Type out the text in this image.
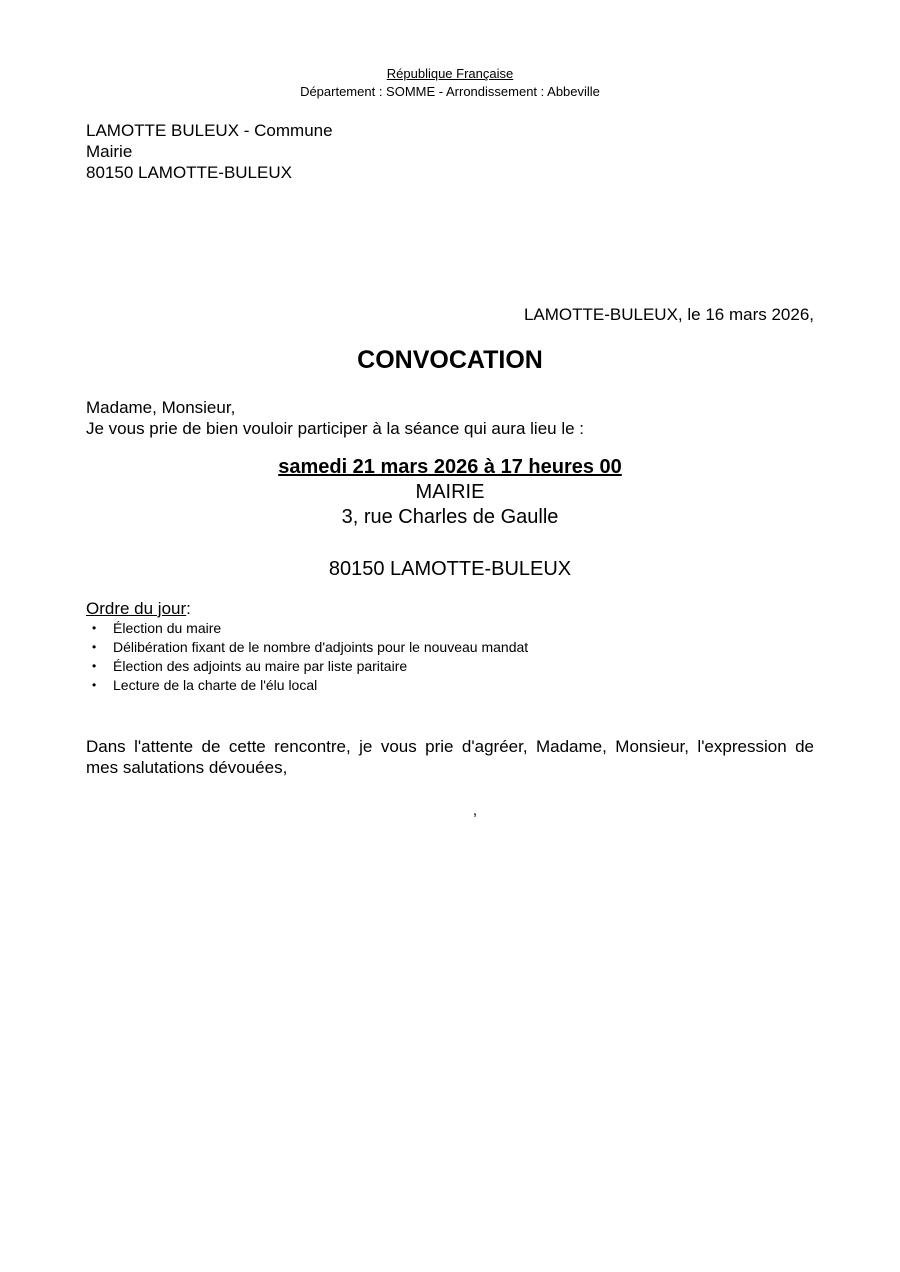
République Française
Département : SOMME - Arrondissement : Abbeville
LAMOTTE BULEUX - Commune
Mairie
80150 LAMOTTE-BULEUX
LAMOTTE-BULEUX, le 16 mars 2026,
CONVOCATION
Madame, Monsieur,
Je vous prie de bien vouloir participer à la séance qui aura lieu le :
samedi 21 mars 2026 à 17 heures 00
MAIRIE
3, rue Charles de Gaulle
80150 LAMOTTE-BULEUX
Ordre du jour:
• Élection du maire
• Délibération fixant de le nombre d'adjoints pour le nouveau mandat
• Élection des adjoints au maire par liste paritaire
• Lecture de la charte de l'élu local
Dans l'attente de cette rencontre, je vous prie d'agréer, Madame, Monsieur, l'expression de
mes salutations dévouées,
,
